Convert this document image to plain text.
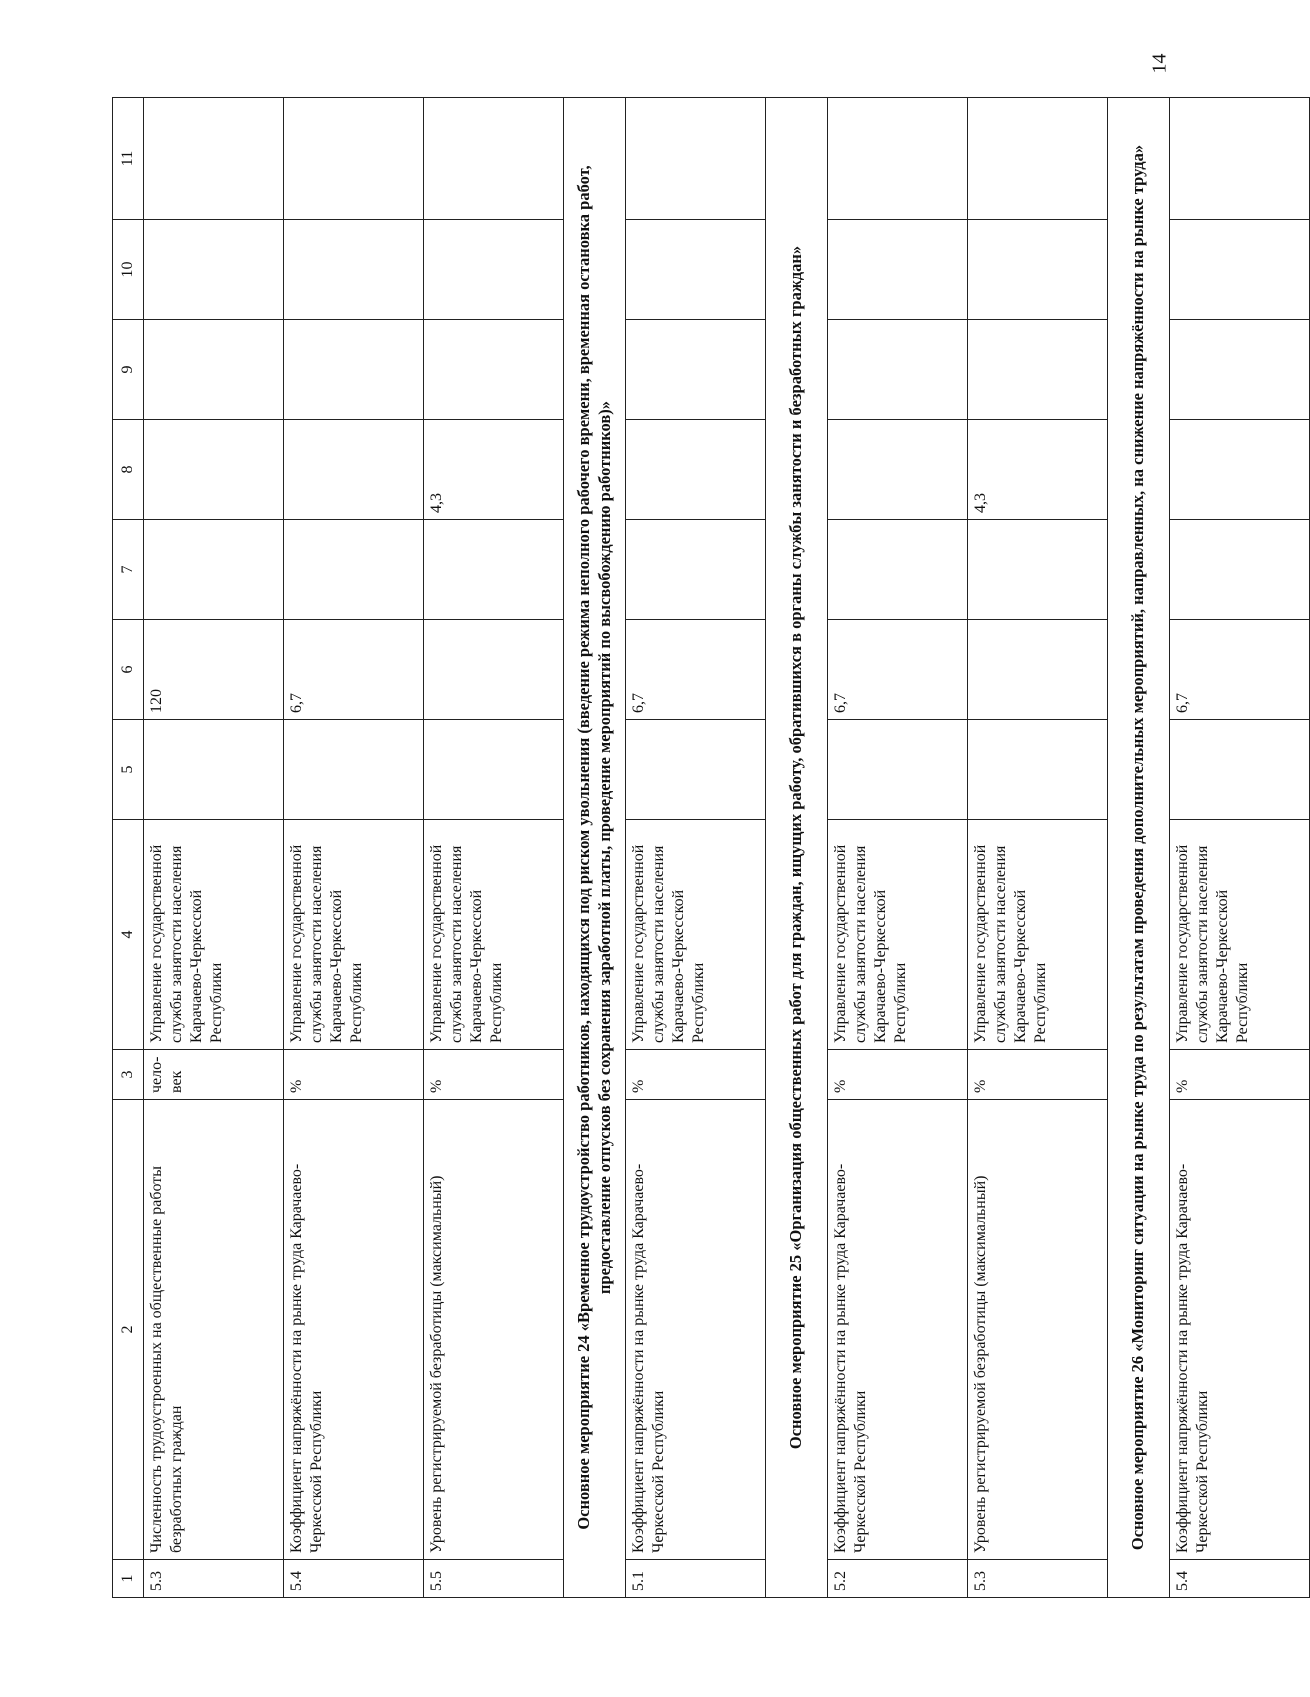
14
1	2	3	4	5	6	7	8	9	10	11
5.3	Численность трудоустроенных на общественные работы безработных граждан	чело-век	Управление государственной службы занятости населения Карачаево-Черкесской Республики		120					
5.4	Коэффициент напряжённости на рынке труда Карачаево-Черкесской Республики	%	Управление государственной службы занятости населения Карачаево-Черкесской Республики		6,7					
5.5	Уровень регистрируемой безработицы (максимальный)	%	Управление государственной службы занятости населения Карачаево-Черкесской Республики				4,3			
Основное мероприятие 24 «Временное трудоустройство работников, находящихся под риском увольнения (введение режима неполного рабочего времени, временная остановка работ, предоставление отпусков без сохранения заработной платы, проведение мероприятий по высвобождению работников)»										
5.1	Коэффициент напряжённости на рынке труда Карачаево-Черкесской Республики	%	Управление государственной службы занятости населения Карачаево-Черкесской Республики		6,7					
Основное мероприятие 25 «Организация общественных работ для граждан, ищущих работу, обратившихся в органы службы занятости и безработных граждан»										
5.2	Коэффициент напряжённости на рынке труда Карачаево-Черкесской Республики	%	Управление государственной службы занятости населения Карачаево-Черкесской Республики		6,7					
5.3	Уровень регистрируемой безработицы (максимальный)	%	Управление государственной службы занятости населения Карачаево-Черкесской Республики				4,3			
Основное мероприятие 26 «Мониторинг ситуации на рынке труда по результатам проведения дополнительных мероприятий, направленных, на снижение напряжённости на рынке труда»										
5.4	Коэффициент напряжённости на рынке труда Карачаево-Черкесской Республики	%	Управление государственной службы занятости населения Карачаево-Черкесской Республики		6,7					
